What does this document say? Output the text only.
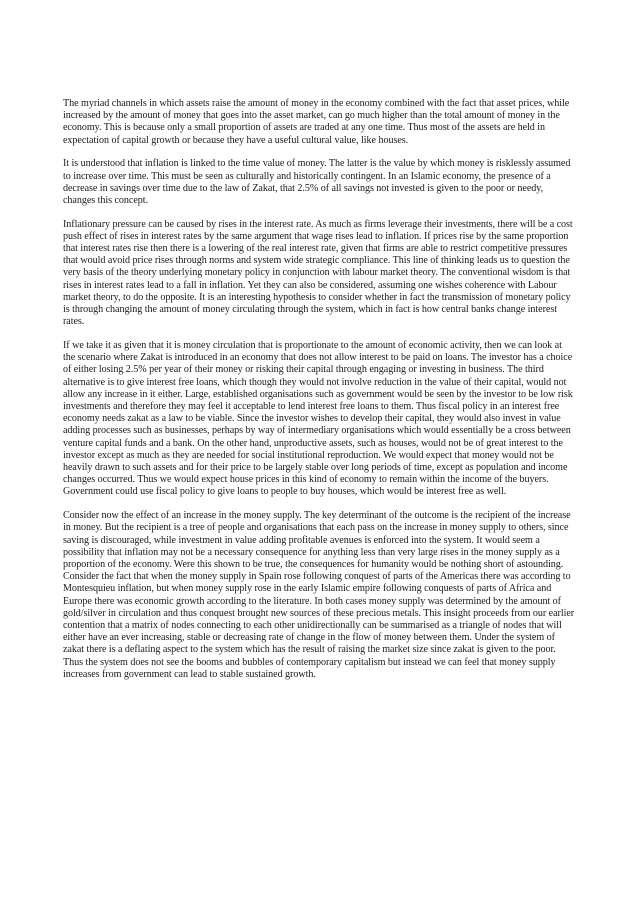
The myriad channels in which assets raise the amount of money in the economy combined with the fact that asset prices, while increased by the amount of money that goes into the asset market, can go much higher than the total amount of money in the economy. This is because only a small proportion of assets are traded at any one time. Thus most of the assets are held in expectation of capital growth or because they have a useful cultural value, like houses.

It is understood that inflation is linked to the time value of money. The latter is the value by which money is risklessly assumed to increase over time. This must be seen as culturally and historically contingent. In an Islamic economy, the presence of a decrease in savings over time due to the law of Zakat, that 2.5% of all savings not invested is given to the poor or needy, changes this concept.

Inflationary pressure can be caused by rises in the interest rate. As much as firms leverage their investments, there will be a cost push effect of rises in interest rates by the same argument that wage rises lead to inflation. If prices rise by the same proportion that interest rates rise then there is a lowering of the real interest rate, given that firms are able to restrict competitive pressures that would avoid price rises through norms and system wide strategic compliance. This line of thinking leads us to question the very basis of the theory underlying monetary policy in conjunction with labour market theory. The conventional wisdom is that rises in interest rates lead to a fall in inflation. Yet they can also be considered, assuming one wishes coherence with Labour market theory, to do the opposite. It is an interesting hypothesis to consider whether in fact the transmission of monetary policy is through changing the amount of money circulating through the system, which in fact is how central banks change interest rates.

If we take it as given that it is money circulation that is proportionate to the amount of economic activity, then we can look at the scenario where Zakat is introduced in an economy that does not allow interest to be paid on loans. The investor has a choice of either losing 2.5% per year of their money or risking their capital through engaging or investing in business. The third alternative is to give interest free loans, which though they would not involve reduction in the value of their capital, would not allow any increase in it either. Large, established organisations such as government would be seen by the investor to be low risk investments and therefore they may feel it acceptable to lend interest free loans to them. Thus fiscal policy in an interest free economy needs zakat as a law to be viable. Since the investor wishes to develop their capital, they would also invest in value adding processes such as businesses, perhaps by way of intermediary organisations which would essentially be a cross between venture capital funds and a bank. On the other hand, unproductive assets, such as houses, would not be of great interest to the investor except as much as they are needed for social institutional reproduction. We would expect that money would not be heavily drawn to such assets and for their price to be largely stable over long periods of time, except as population and income changes occurred. Thus we would expect house prices in this kind of economy to remain within the income of the buyers. Government could use fiscal policy to give loans to people to buy houses, which would be interest free as well.

Consider now the effect of an increase in the money supply. The key determinant of the outcome is the recipient of the increase in money. But the recipient is a tree of people and organisations that each pass on the increase in money supply to others, since saving is discouraged, while investment in value adding profitable avenues is enforced into the system. It would seem a possibility that inflation may not be a necessary consequence for anything less than very large rises in the money supply as a proportion of the economy. Were this shown to be true, the consequences for humanity would be nothing short of astounding. Consider the fact that when the money supply in Spain rose following conquest of parts of the Americas there was according to Montesquieu inflation, but when money supply rose in the early Islamic empire following conquests of parts of Africa and Europe there was economic growth according to the literature. In both cases money supply was determined by the amount of gold/silver in circulation and thus conquest brought new sources of these precious metals. This insight proceeds from our earlier contention that a matrix of nodes connecting to each other unidirectionally can be summarised as a triangle of nodes that will either have an ever increasing, stable or decreasing rate of change in the flow of money between them. Under the system of zakat there is a deflating aspect to the system which has the result of raising the market size since zakat is given to the poor. Thus the system does not see the booms and bubbles of contemporary capitalism but instead we can feel that money supply increases from government can lead to stable sustained growth.
